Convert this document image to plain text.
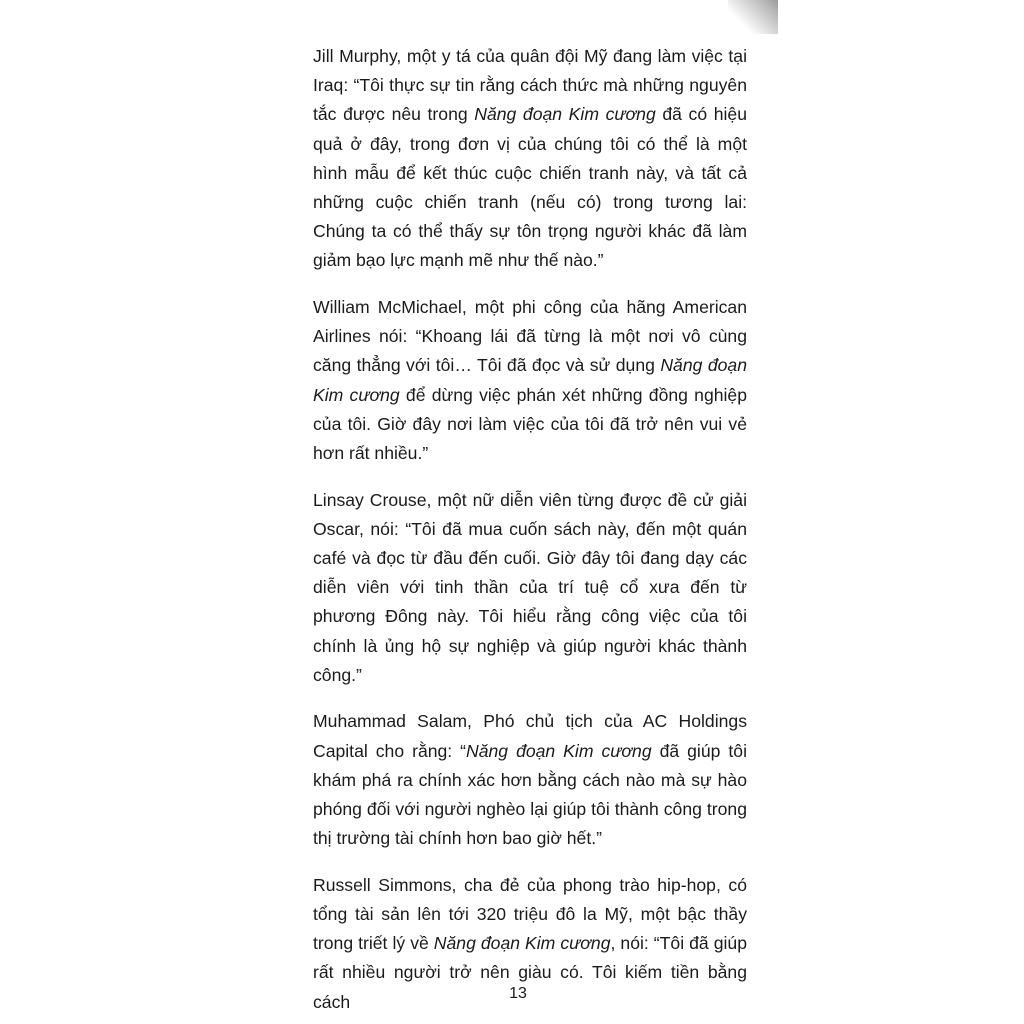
Jill Murphy, một y tá của quân đội Mỹ đang làm việc tại Iraq: “Tôi thực sự tin rằng cách thức mà những nguyên tắc được nêu trong Năng đoạn Kim cương đã có hiệu quả ở đây, trong đơn vị của chúng tôi có thể là một hình mẫu để kết thúc cuộc chiến tranh này, và tất cả những cuộc chiến tranh (nếu có) trong tương lai: Chúng ta có thể thấy sự tôn trọng người khác đã làm giảm bạo lực mạnh mẽ như thế nào.”

William McMichael, một phi công của hãng American Airlines nói: “Khoang lái đã từng là một nơi vô cùng căng thẳng với tôi… Tôi đã đọc và sử dụng Năng đoạn Kim cương để dừng việc phán xét những đồng nghiệp của tôi. Giờ đây nơi làm việc của tôi đã trở nên vui vẻ hơn rất nhiều.”

Linsay Crouse, một nữ diễn viên từng được đề cử giải Oscar, nói: “Tôi đã mua cuốn sách này, đến một quán café và đọc từ đầu đến cuối. Giờ đây tôi đang dạy các diễn viên với tinh thần của trí tuệ cổ xưa đến từ phương Đông này. Tôi hiểu rằng công việc của tôi chính là ủng hộ sự nghiệp và giúp người khác thành công.”

Muhammad Salam, Phó chủ tịch của AC Holdings Capital cho rằng: “Năng đoạn Kim cương đã giúp tôi khám phá ra chính xác hơn bằng cách nào mà sự hào phóng đối với người nghèo lại giúp tôi thành công trong thị trường tài chính hơn bao giờ hết.”

Russell Simmons, cha đẻ của phong trào hip-hop, có tổng tài sản lên tới 320 triệu đô la Mỹ, một bậc thầy trong triết lý về Năng đoạn Kim cương, nói: “Tôi đã giúp rất nhiều người trở nên giàu có. Tôi kiếm tiền bằng cách	13
